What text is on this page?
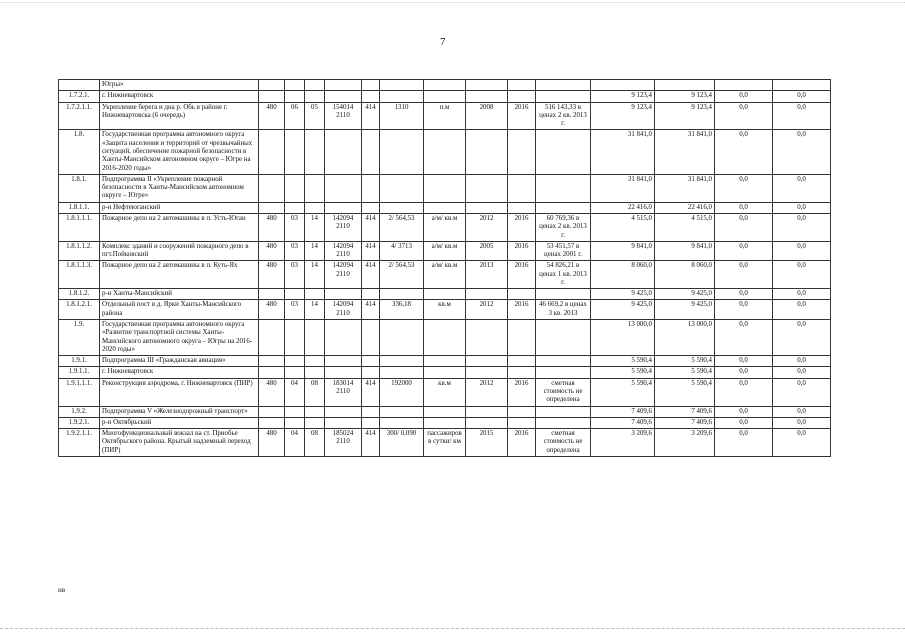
7
	Югры»														
1.7.2.1.	г. Нижневартовск											9 123,4	9 123,4	0,0	0,0
1.7.2.1.1.	Укрепление берега и дна р. Обь в районе г. Нижневартовска (6 очередь)	480	06	05	154014 2110	414	1310	п.м	2008	2016	516 143,33 в ценах 2 кв. 2013 г.	9 123,4	9 123,4	0,0	0,0
1.8.	Государственная программа автономного округа «Защита населения и территорий от чрезвычайных ситуаций, обеспечение пожарной безопасности в Ханты-Мансийском автономном округе – Югре на 2016-2020 годы»											31 841,0	31 841,0	0,0	0,0
1.8.1.	Подпрограмма II «Укрепление пожарной безопасности в Ханты-Мансийском автономном округе – Югре»											31 841,0	31 841,0	0,0	0,0
1.8.1.1.	р-н Нефтеюганский											22 416,0	22 416,0	0,0	0,0
1.8.1.1.1.	Пожарное депо на 2 автомашины в п. Усть-Юган	480	03	14	142094 2110	414	2/ 564,53	а/м/ кв.м	2012	2016	60 769,36 в ценах 2 кв. 2013 г.	4 515,0	4 515,0	0,0	0,0
1.8.1.1.2.	Комплекс зданий и сооружений пожарного депо в пгт.Пойковский	480	03	14	142094 2110	414	4/ 3713	а/м/ кв.м	2005	2016	53 451,57 в ценах 2001 г.	9 841,0	9 841,0	0,0	0,0
1.8.1.1.3.	Пожарное депо на 2 автомашины в п. Куть-Ях	480	03	14	142094 2110	414	2/ 564,53	а/м/ кв.м	2013	2016	54 826,21 в ценах 1 кв. 2013 г.	8 060,0	8 060,0	0,0	0,0
1.8.1.2.	р-н Ханты-Мансийский											9 425,0	9 425,0	0,0	0,0
1.8.1.2.1.	Отдельный пост в д. Ярки Ханты-Мансийского района	480	03	14	142094 2110	414	336,18	кв.м	2012	2016	46 669,2 в ценах 3 кв. 2013	9 425,0	9 425,0	0,0	0,0
1.9.	Государственная программа автономного округа «Развитие транспортной системы Ханты-Мансийского автономного округа – Югры на 2016-2020 годы»											13 000,0	13 000,0	0,0	0,0
1.9.1.	Подпрограмма III «Гражданская авиация»											5 590,4	5 590,4	0,0	0,0
1.9.1.1.	г. Нижневартовск											5 590,4	5 590,4	0,0	0,0
1.9.1.1.1.	Реконструкция аэродрома, г. Нижневартовск (ПИР)	480	04	08	183014 2110	414	192000	кв.м	2012	2016	сметная стоимость не определена	5 590,4	5 590,4	0,0	0,0
1.9.2.	Подпрограмма V «Железнодорожный транспорт»											7 409,6	7 409,6	0,0	0,0
1.9.2.1.	р-н Октябрьский											7 409,6	7 409,6	0,0	0,0
1.9.2.1.1.	Многофункциональный вокзал на ст. Приобье Октябрьского района. Крытый надземный переход (ПИР)	480	04	08	185024 2110	414	300/ 0,090	пассажиров в сутки/ км	2015	2016	сметная стоимость не определена	3 209,6	3 209,6	0,0	0,0
нв
